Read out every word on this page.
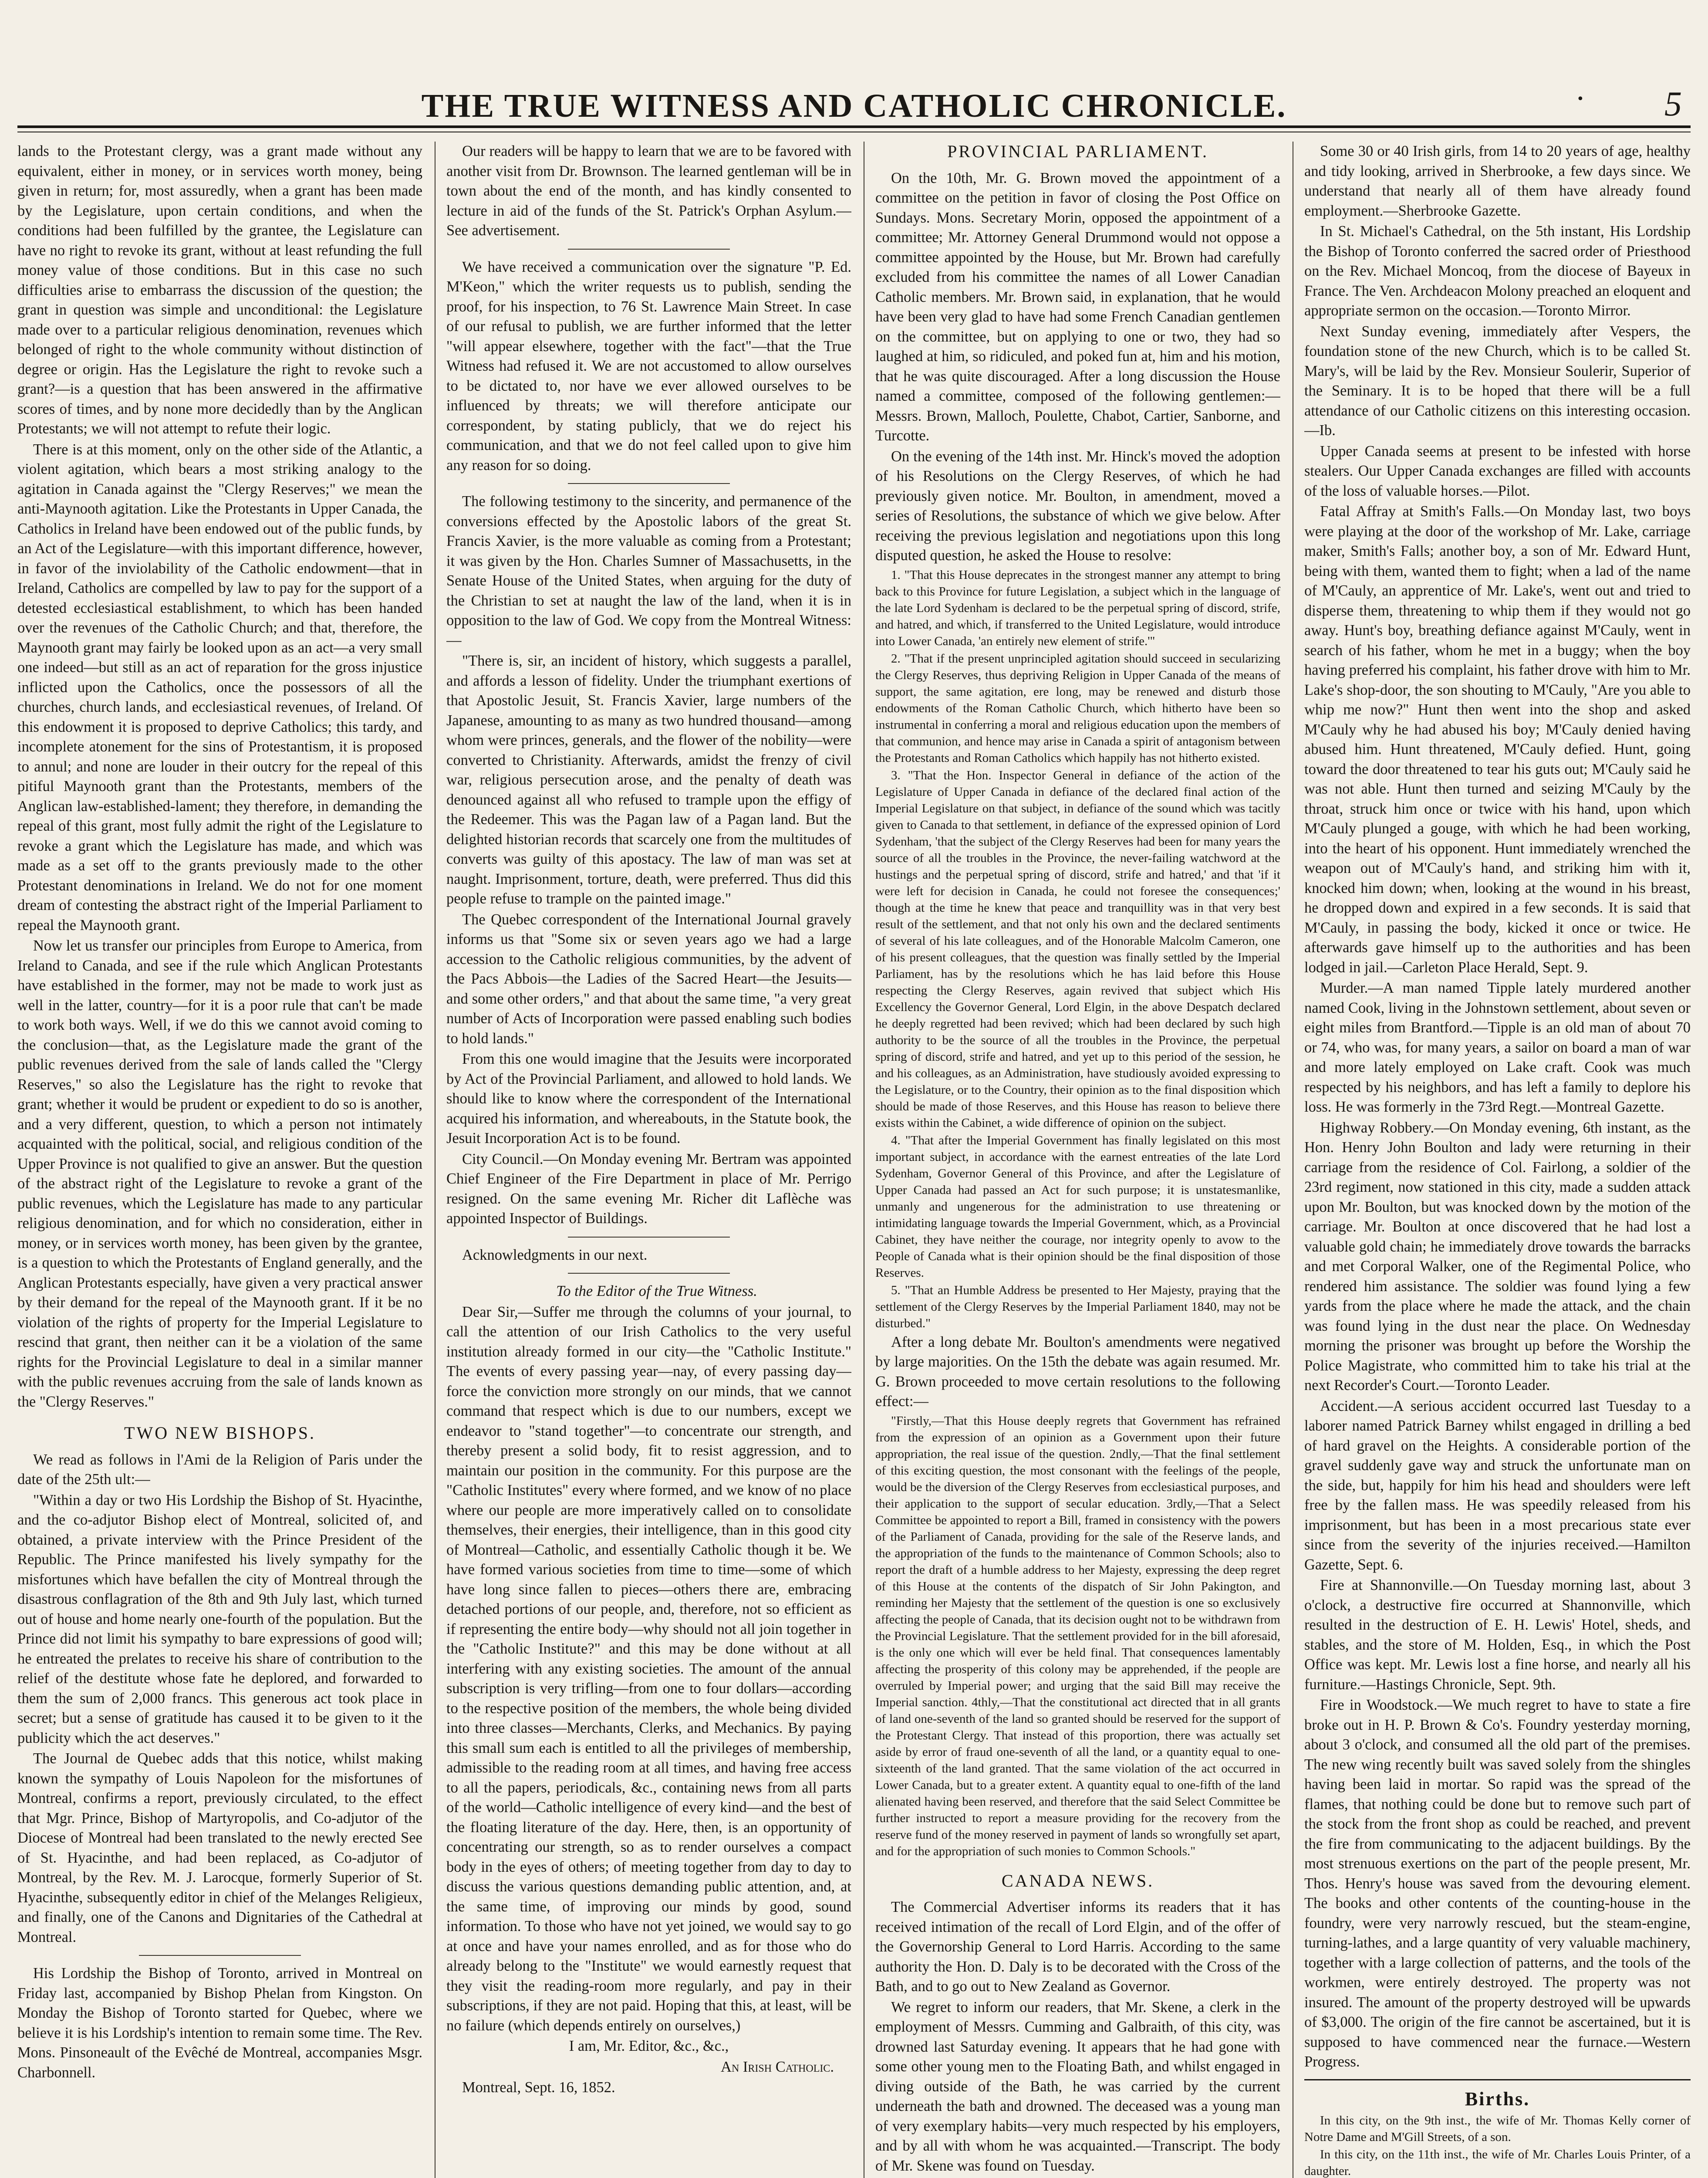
•
THE TRUE WITNESS AND CATHOLIC CHRONICLE.	5

lands to the Protestant clergy, was a grant made without any equivalent, either in money, or in services worth money, being given in return; for, most assuredly, when a grant has been made by the Legislature, upon certain conditions, and when the conditions had been fulfilled by the grantee, the Legislature can have no right to revoke its grant, without at least refunding the full money value of those conditions. But in this case no such difficulties arise to embarrass the discussion of the question; the grant in question was simple and unconditional: the Legislature made over to a particular religious denomination, revenues which belonged of right to the whole community without distinction of degree or origin. Has the Legislature the right to revoke such a grant?—is a question that has been answered in the affirmative scores of times, and by none more decidedly than by the Anglican Protestants; we will not attempt to refute their logic.

There is at this moment, only on the other side of the Atlantic, a violent agitation, which bears a most striking analogy to the agitation in Canada against the "Clergy Reserves;" we mean the anti-Maynooth agitation. Like the Protestants in Upper Canada, the Catholics in Ireland have been endowed out of the public funds, by an Act of the Legislature—with this important difference, however, in favor of the inviolability of the Catholic endowment—that in Ireland, Catholics are compelled by law to pay for the support of a detested ecclesiastical establishment, to which has been handed over the revenues of the Catholic Church; and that, therefore, the Maynooth grant may fairly be looked upon as an act—a very small one indeed—but still as an act of reparation for the gross injustice inflicted upon the Catholics, once the possessors of all the churches, church lands, and ecclesiastical revenues, of Ireland. Of this endowment it is proposed to deprive Catholics; this tardy, and incomplete atonement for the sins of Protestantism, it is proposed to annul; and none are louder in their outcry for the repeal of this pitiful Maynooth grant than the Protestants, members of the Anglican law-established-lament; they therefore, in demanding the repeal of this grant, most fully admit the right of the Legislature to revoke a grant which the Legislature has made, and which was made as a set off to the grants previously made to the other Protestant denominations in Ireland. We do not for one moment dream of contesting the abstract right of the Imperial Parliament to repeal the Maynooth grant.

Now let us transfer our principles from Europe to America, from Ireland to Canada, and see if the rule which Anglican Protestants have established in the former, may not be made to work just as well in the latter, country—for it is a poor rule that can't be made to work both ways. Well, if we do this we cannot avoid coming to the conclusion—that, as the Legislature made the grant of the public revenues derived from the sale of lands called the "Clergy Reserves," so also the Legislature has the right to revoke that grant; whether it would be prudent or expedient to do so is another, and a very different, question, to which a person not intimately acquainted with the political, social, and religious condition of the Upper Province is not qualified to give an answer. But the question of the abstract right of the Legislature to revoke a grant of the public revenues, which the Legislature has made to any particular religious denomination, and for which no consideration, either in money, or in services worth money, has been given by the grantee, is a question to which the Protestants of England generally, and the Anglican Protestants especially, have given a very practical answer by their demand for the repeal of the Maynooth grant. If it be no violation of the rights of property for the Imperial Legislature to rescind that grant, then neither can it be a violation of the same rights for the Provincial Legislature to deal in a similar manner with the public revenues accruing from the sale of lands known as the "Clergy Reserves."

TWO NEW BISHOPS.

We read as follows in l'Ami de la Religion of Paris under the date of the 25th ult:—

"Within a day or two His Lordship the Bishop of St. Hyacinthe, and the co-adjutor Bishop elect of Montreal, solicited of, and obtained, a private interview with the Prince President of the Republic. The Prince manifested his lively sympathy for the misfortunes which have befallen the city of Montreal through the disastrous conflagration of the 8th and 9th July last, which turned out of house and home nearly one-fourth of the population. But the Prince did not limit his sympathy to bare expressions of good will; he entreated the prelates to receive his share of contribution to the relief of the destitute whose fate he deplored, and forwarded to them the sum of 2,000 francs. This generous act took place in secret; but a sense of gratitude has caused it to be given to it the publicity which the act deserves."

The Journal de Quebec adds that this notice, whilst making known the sympathy of Louis Napoleon for the misfortunes of Montreal, confirms a report, previously circulated, to the effect that Mgr. Prince, Bishop of Martyropolis, and Co-adjutor of the Diocese of Montreal had been translated to the newly erected See of St. Hyacinthe, and had been replaced, as Co-adjutor of Montreal, by the Rev. M. J. Larocque, formerly Superior of St. Hyacinthe, subsequently editor in chief of the Melanges Religieux, and finally, one of the Canons and Dignitaries of the Cathedral at Montreal.

His Lordship the Bishop of Toronto, arrived in Montreal on Friday last, accompanied by Bishop Phelan from Kingston. On Monday the Bishop of Toronto started for Quebec, where we believe it is his Lordship's intention to remain some time. The Rev. Mons. Pinsoneault of the Evêché de Montreal, accompanies Msgr. Charbonnell.

Our readers will be happy to learn that we are to be favored with another visit from Dr. Brownson. The learned gentleman will be in town about the end of the month, and has kindly consented to lecture in aid of the funds of the St. Patrick's Orphan Asylum.—See advertisement.

We have received a communication over the signature "P. Ed. M'Keon," which the writer requests us to publish, sending the proof, for his inspection, to 76 St. Lawrence Main Street. In case of our refusal to publish, we are further informed that the letter "will appear elsewhere, together with the fact"—that the True Witness had refused it. We are not accustomed to allow ourselves to be dictated to, nor have we ever allowed ourselves to be influenced by threats; we will therefore anticipate our correspondent, by stating publicly, that we do reject his communication, and that we do not feel called upon to give him any reason for so doing.

The following testimony to the sincerity, and permanence of the conversions effected by the Apostolic labors of the great St. Francis Xavier, is the more valuable as coming from a Protestant; it was given by the Hon. Charles Sumner of Massachusetts, in the Senate House of the United States, when arguing for the duty of the Christian to set at naught the law of the land, when it is in opposition to the law of God. We copy from the Montreal Witness:—

"There is, sir, an incident of history, which suggests a parallel, and affords a lesson of fidelity. Under the triumphant exertions of that Apostolic Jesuit, St. Francis Xavier, large numbers of the Japanese, amounting to as many as two hundred thousand—among whom were princes, generals, and the flower of the nobility—were converted to Christianity. Afterwards, amidst the frenzy of civil war, religious persecution arose, and the penalty of death was denounced against all who refused to trample upon the effigy of the Redeemer. This was the Pagan law of a Pagan land. But the delighted historian records that scarcely one from the multitudes of converts was guilty of this apostacy. The law of man was set at naught. Imprisonment, torture, death, were preferred. Thus did this people refuse to trample on the painted image."

The Quebec correspondent of the International Journal gravely informs us that "Some six or seven years ago we had a large accession to the Catholic religious communities, by the advent of the Pacs Abbois—the Ladies of the Sacred Heart—the Jesuits—and some other orders," and that about the same time, "a very great number of Acts of Incorporation were passed enabling such bodies to hold lands."

From this one would imagine that the Jesuits were incorporated by Act of the Provincial Parliament, and allowed to hold lands. We should like to know where the correspondent of the International acquired his information, and whereabouts, in the Statute book, the Jesuit Incorporation Act is to be found.

City Council.—On Monday evening Mr. Bertram was appointed Chief Engineer of the Fire Department in place of Mr. Perrigo resigned. On the same evening Mr. Richer dit Laflèche was appointed Inspector of Buildings.

Acknowledgments in our next.

To the Editor of the True Witness.

Dear Sir,—Suffer me through the columns of your journal, to call the attention of our Irish Catholics to the very useful institution already formed in our city—the "Catholic Institute." The events of every passing year—nay, of every passing day—force the conviction more strongly on our minds, that we cannot command that respect which is due to our numbers, except we endeavor to "stand together"—to concentrate our strength, and thereby present a solid body, fit to resist aggression, and to maintain our position in the community. For this purpose are the "Catholic Institutes" every where formed, and we know of no place where our people are more imperatively called on to consolidate themselves, their energies, their intelligence, than in this good city of Montreal—Catholic, and essentially Catholic though it be. We have formed various societies from time to time—some of which have long since fallen to pieces—others there are, embracing detached portions of our people, and, therefore, not so efficient as if representing the entire body—why should not all join together in the "Catholic Institute?" and this may be done without at all interfering with any existing societies. The amount of the annual subscription is very trifling—from one to four dollars—according to the respective position of the members, the whole being divided into three classes—Merchants, Clerks, and Mechanics. By paying this small sum each is entitled to all the privileges of membership, admissible to the reading room at all times, and having free access to all the papers, periodicals, &c., containing news from all parts of the world—Catholic intelligence of every kind—and the best of the floating literature of the day. Here, then, is an opportunity of concentrating our strength, so as to render ourselves a compact body in the eyes of others; of meeting together from day to day to discuss the various questions demanding public attention, and, at the same time, of improving our minds by good, sound information. To those who have not yet joined, we would say to go at once and have your names enrolled, and as for those who do already belong to the "Institute" we would earnestly request that they visit the reading-room more regularly, and pay in their subscriptions, if they are not paid. Hoping that this, at least, will be no failure (which depends entirely on ourselves,)

I am, Mr. Editor, &c., &c.,

An Irish Catholic.

Montreal, Sept. 16, 1852.

PROVINCIAL PARLIAMENT.

On the 10th, Mr. G. Brown moved the appointment of a committee on the petition in favor of closing the Post Office on Sundays. Mons. Secretary Morin, opposed the appointment of a committee; Mr. Attorney General Drummond would not oppose a committee appointed by the House, but Mr. Brown had carefully excluded from his committee the names of all Lower Canadian Catholic members. Mr. Brown said, in explanation, that he would have been very glad to have had some French Canadian gentlemen on the committee, but on applying to one or two, they had so laughed at him, so ridiculed, and poked fun at, him and his motion, that he was quite discouraged. After a long discussion the House named a committee, composed of the following gentlemen:—Messrs. Brown, Malloch, Poulette, Chabot, Cartier, Sanborne, and Turcotte.

On the evening of the 14th inst. Mr. Hinck's moved the adoption of his Resolutions on the Clergy Reserves, of which he had previously given notice. Mr. Boulton, in amendment, moved a series of Resolutions, the substance of which we give below. After receiving the previous legislation and negotiations upon this long disputed question, he asked the House to resolve:

1. "That this House deprecates in the strongest manner any attempt to bring back to this Province for future Legislation, a subject which in the language of the late Lord Sydenham is declared to be the perpetual spring of discord, strife, and hatred, and which, if transferred to the United Legislature, would introduce into Lower Canada, 'an entirely new element of strife.'"

2. "That if the present unprincipled agitation should succeed in secularizing the Clergy Reserves, thus depriving Religion in Upper Canada of the means of support, the same agitation, ere long, may be renewed and disturb those endowments of the Roman Catholic Church, which hitherto have been so instrumental in conferring a moral and religious education upon the members of that communion, and hence may arise in Canada a spirit of antagonism between the Protestants and Roman Catholics which happily has not hitherto existed.

3. "That the Hon. Inspector General in defiance of the action of the Legislature of Upper Canada in defiance of the declared final action of the Imperial Legislature on that subject, in defiance of the sound which was tacitly given to Canada to that settlement, in defiance of the expressed opinion of Lord Sydenham, 'that the subject of the Clergy Reserves had been for many years the source of all the troubles in the Province, the never-failing watchword at the hustings and the perpetual spring of discord, strife and hatred,' and that 'if it were left for decision in Canada, he could not foresee the consequences;' though at the time he knew that peace and tranquillity was in that very best result of the settlement, and that not only his own and the declared sentiments of several of his late colleagues, and of the Honorable Malcolm Cameron, one of his present colleagues, that the question was finally settled by the Imperial Parliament, has by the resolutions which he has laid before this House respecting the Clergy Reserves, again revived that subject which His Excellency the Governor General, Lord Elgin, in the above Despatch declared he deeply regretted had been revived; which had been declared by such high authority to be the source of all the troubles in the Province, the perpetual spring of discord, strife and hatred, and yet up to this period of the session, he and his colleagues, as an Administration, have studiously avoided expressing to the Legislature, or to the Country, their opinion as to the final disposition which should be made of those Reserves, and this House has reason to believe there exists within the Cabinet, a wide difference of opinion on the subject.

4. "That after the Imperial Government has finally legislated on this most important subject, in accordance with the earnest entreaties of the late Lord Sydenham, Governor General of this Province, and after the Legislature of Upper Canada had passed an Act for such purpose; it is unstatesmanlike, unmanly and ungenerous for the administration to use threatening or intimidating language towards the Imperial Government, which, as a Provincial Cabinet, they have neither the courage, nor integrity openly to avow to the People of Canada what is their opinion should be the final disposition of those Reserves.

5. "That an Humble Address be presented to Her Majesty, praying that the settlement of the Clergy Reserves by the Imperial Parliament 1840, may not be disturbed."

After a long debate Mr. Boulton's amendments were negatived by large majorities. On the 15th the debate was again resumed. Mr. G. Brown proceeded to move certain resolutions to the following effect:—

"Firstly,—That this House deeply regrets that Government has refrained from the expression of an opinion as a Government upon their future appropriation, the real issue of the question. 2ndly,—That the final settlement of this exciting question, the most consonant with the feelings of the people, would be the diversion of the Clergy Reserves from ecclesiastical purposes, and their application to the support of secular education. 3rdly,—That a Select Committee be appointed to report a Bill, framed in consistency with the powers of the Parliament of Canada, providing for the sale of the Reserve lands, and the appropriation of the funds to the maintenance of Common Schools; also to report the draft of a humble address to her Majesty, expressing the deep regret of this House at the contents of the dispatch of Sir John Pakington, and reminding her Majesty that the settlement of the question is one so exclusively affecting the people of Canada, that its decision ought not to be withdrawn from the Provincial Legislature. That the settlement provided for in the bill aforesaid, is the only one which will ever be held final. That consequences lamentably affecting the prosperity of this colony may be apprehended, if the people are overruled by Imperial power; and urging that the said Bill may receive the Imperial sanction. 4thly,—That the constitutional act directed that in all grants of land one-seventh of the land so granted should be reserved for the support of the Protestant Clergy. That instead of this proportion, there was actually set aside by error of fraud one-seventh of all the land, or a quantity equal to one-sixteenth of the land granted. That the same violation of the act occurred in Lower Canada, but to a greater extent. A quantity equal to one-fifth of the land alienated having been reserved, and therefore that the said Select Committee be further instructed to report a measure providing for the recovery from the reserve fund of the money reserved in payment of lands so wrongfully set apart, and for the appropriation of such monies to Common Schools."

CANADA NEWS.

The Commercial Advertiser informs its readers that it has received intimation of the recall of Lord Elgin, and of the offer of the Governorship General to Lord Harris. According to the same authority the Hon. D. Daly is to be decorated with the Cross of the Bath, and to go out to New Zealand as Governor.

We regret to inform our readers, that Mr. Skene, a clerk in the employment of Messrs. Cumming and Galbraith, of this city, was drowned last Saturday evening. It appears that he had gone with some other young men to the Floating Bath, and whilst engaged in diving outside of the Bath, he was carried by the current underneath the bath and drowned. The deceased was a young man of very exemplary habits—very much respected by his employers, and by all with whom he was acquainted.—Transcript. The body of Mr. Skene was found on Tuesday.

Some 30 or 40 Irish girls, from 14 to 20 years of age, healthy and tidy looking, arrived in Sherbrooke, a few days since. We understand that nearly all of them have already found employment.—Sherbrooke Gazette.

In St. Michael's Cathedral, on the 5th instant, His Lordship the Bishop of Toronto conferred the sacred order of Priesthood on the Rev. Michael Moncoq, from the diocese of Bayeux in France. The Ven. Archdeacon Molony preached an eloquent and appropriate sermon on the occasion.—Toronto Mirror.

Next Sunday evening, immediately after Vespers, the foundation stone of the new Church, which is to be called St. Mary's, will be laid by the Rev. Monsieur Soulerir, Superior of the Seminary. It is to be hoped that there will be a full attendance of our Catholic citizens on this interesting occasion.—Ib.

Upper Canada seems at present to be infested with horse stealers. Our Upper Canada exchanges are filled with accounts of the loss of valuable horses.—Pilot.

Fatal Affray at Smith's Falls.—On Monday last, two boys were playing at the door of the workshop of Mr. Lake, carriage maker, Smith's Falls; another boy, a son of Mr. Edward Hunt, being with them, wanted them to fight; when a lad of the name of M'Cauly, an apprentice of Mr. Lake's, went out and tried to disperse them, threatening to whip them if they would not go away. Hunt's boy, breathing defiance against M'Cauly, went in search of his father, whom he met in a buggy; when the boy having preferred his complaint, his father drove with him to Mr. Lake's shop-door, the son shouting to M'Cauly, "Are you able to whip me now?" Hunt then went into the shop and asked M'Cauly why he had abused his boy; M'Cauly denied having abused him. Hunt threatened, M'Cauly defied. Hunt, going toward the door threatened to tear his guts out; M'Cauly said he was not able. Hunt then turned and seizing M'Cauly by the throat, struck him once or twice with his hand, upon which M'Cauly plunged a gouge, with which he had been working, into the heart of his opponent. Hunt immediately wrenched the weapon out of M'Cauly's hand, and striking him with it, knocked him down; when, looking at the wound in his breast, he dropped down and expired in a few seconds. It is said that M'Cauly, in passing the body, kicked it once or twice. He afterwards gave himself up to the authorities and has been lodged in jail.—Carleton Place Herald, Sept. 9.

Murder.—A man named Tipple lately murdered another named Cook, living in the Johnstown settlement, about seven or eight miles from Brantford.—Tipple is an old man of about 70 or 74, who was, for many years, a sailor on board a man of war and more lately employed on Lake craft. Cook was much respected by his neighbors, and has left a family to deplore his loss. He was formerly in the 73rd Regt.—Montreal Gazette.

Highway Robbery.—On Monday evening, 6th instant, as the Hon. Henry John Boulton and lady were returning in their carriage from the residence of Col. Fairlong, a soldier of the 23rd regiment, now stationed in this city, made a sudden attack upon Mr. Boulton, but was knocked down by the motion of the carriage. Mr. Boulton at once discovered that he had lost a valuable gold chain; he immediately drove towards the barracks and met Corporal Walker, one of the Regimental Police, who rendered him assistance. The soldier was found lying a few yards from the place where he made the attack, and the chain was found lying in the dust near the place. On Wednesday morning the prisoner was brought up before the Worship the Police Magistrate, who committed him to take his trial at the next Recorder's Court.—Toronto Leader.

Accident.—A serious accident occurred last Tuesday to a laborer named Patrick Barney whilst engaged in drilling a bed of hard gravel on the Heights. A considerable portion of the gravel suddenly gave way and struck the unfortunate man on the side, but, happily for him his head and shoulders were left free by the fallen mass. He was speedily released from his imprisonment, but has been in a most precarious state ever since from the severity of the injuries received.—Hamilton Gazette, Sept. 6.

Fire at Shannonville.—On Tuesday morning last, about 3 o'clock, a destructive fire occurred at Shannonville, which resulted in the destruction of E. H. Lewis' Hotel, sheds, and stables, and the store of M. Holden, Esq., in which the Post Office was kept. Mr. Lewis lost a fine horse, and nearly all his furniture.—Hastings Chronicle, Sept. 9th.

Fire in Woodstock.—We much regret to have to state a fire broke out in H. P. Brown & Co's. Foundry yesterday morning, about 3 o'clock, and consumed all the old part of the premises. The new wing recently built was saved solely from the shingles having been laid in mortar. So rapid was the spread of the flames, that nothing could be done but to remove such part of the stock from the front shop as could be reached, and prevent the fire from communicating to the adjacent buildings. By the most strenuous exertions on the part of the people present, Mr. Thos. Henry's house was saved from the devouring element. The books and other contents of the counting-house in the foundry, were very narrowly rescued, but the steam-engine, turning-lathes, and a large quantity of very valuable machinery, together with a large collection of patterns, and the tools of the workmen, were entirely destroyed. The property was not insured. The amount of the property destroyed will be upwards of $3,000. The origin of the fire cannot be ascertained, but it is supposed to have commenced near the furnace.—Western Progress.

Births.

In this city, on the 9th inst., the wife of Mr. Thomas Kelly corner of Notre Dame and M'Gill Streets, of a son.

In this city, on the 11th inst., the wife of Mr. Charles Louis Printer, of a daughter.
